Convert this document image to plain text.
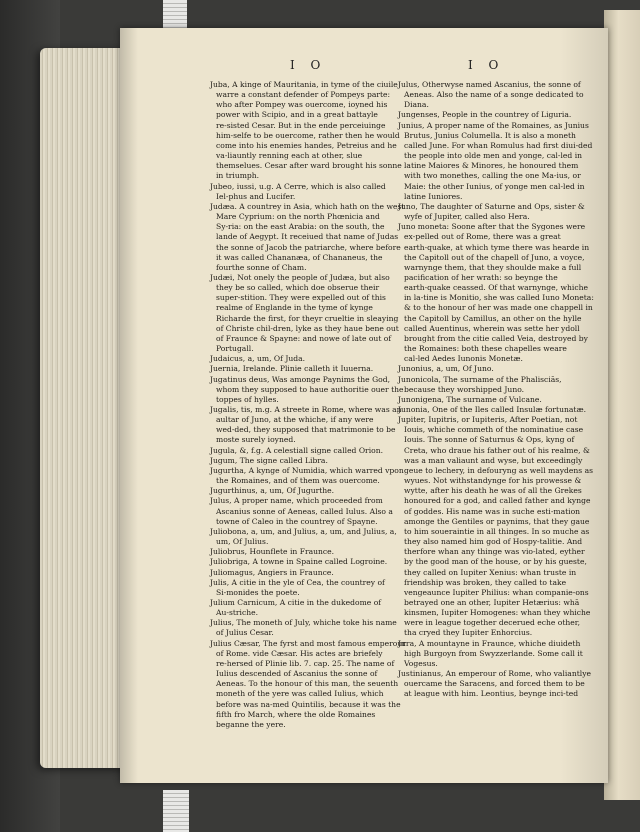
I O	I O

Juba, A kinge of Mauritania, in tyme of the ciuile warre a constant defender of Pompeys parte: who after Pompey was ouercome, ioyned his power with Scipio, and in a great battayle re‑sisted Cesar. But in the ende perceiuinge him‑selfe to be ouercome, rather then he would come into his enemies handes, Petreius and he va‑liauntly renning each at other, slue themselues. Cesar after ward brought his sonne in triumph.

Jubeo, iussi, u.g. A Cerre, which is also called Iel‑phus and Lucifer.

Judæa. A countrey in Asia, which hath on the west Mare Cyprium: on the north Phœnicia and Sy‑ria: on the east Arabia: on the south, the lande of Aegypt. It receiued that name of Judas the sonne of Jacob the patriarche, where before it was called Chananæa, of Chananeus, the fourthe sonne of Cham.

Judæi, Not onely the people of Judæa, but also they be so called, which doe obserue their super‑stition. They were expelled out of this realme of Englande in the tyme of kynge Richarde the first, for theyr crueltie in sleaying of Christe chil‑dren, lyke as they haue bene out of Fraunce & Spayne: and nowe of late out of Portugall.

Judaicus, a, um, Of Juda.

Juernia, Irelande. Plinie calleth it Iuuerna.

Jugatinus deus, Was amonge Paynims the God, whom they supposed to haue authoritie ouer the toppes of hylles.

Jugalis, tis, m.g. A streete in Rome, where was an aultar of Juno, at the whiche, if any were wed‑ded, they supposed that matrimonie to be moste surely ioyned.

Jugula, &, f.g. A celestiall signe called Orion.

Jugum, The signe called Libra.

Jugurtha, A kynge of Numidia, which warred vpon the Romaines, and of them was ouercome.

Jugurthinus, a, um, Of Jugurthe.

Julus, A proper name, which proceeded from Ascanius sonne of Aeneas, called Iulus. Also a towne of Caleo in the countrey of Spayne.

Juliobona, a, um, and Julius, a, um, and Julius, a, um, Of Julius.

Juliobrus, Hounflete in Fraunce.

Juliobriga, A towne in Spaine called Logroine.

Juliomagus, Angiers in Fraunce.

Julis, A citie in the yle of Cea, the countrey of Si‑monides the poete.

Julium Carnicum, A citie in the dukedome of Au‑striche.

Julius, The moneth of July, whiche toke his name of Julius Cesar.

Julius Cæsar, The fyrst and most famous emperour of Rome. vide Cæsar. His actes are briefely re‑hersed of Plinie lib. 7. cap. 25. The name of Iulius descended of Ascanius the sonne of Aeneas. To the honour of this man, the seuenth moneth of the yere was called Iulius, which before was na‑med Quintilis, because it was the fifth fro March, where the olde Romaines beganne the yere.

Julus, Otherwyse named Ascanius, the sonne of Aeneas. Also the name of a songe dedicated to Diana.

Jungenses, People in the countrey of Liguria.

Junius, A proper name of the Romaines, as Junius Brutus, Junius Columella. It is also a moneth called June. For whan Romulus had first diui‑ded the people into olde men and yonge, cal‑led in latine Maiores & Minores, he honoured them with two monethes, calling the one Ma‑ius, or Maie: the other Iunius, of yonge men cal‑led in latine Iuniores.

Juno, The daughter of Saturne and Ops, sister & wyfe of Jupiter, called also Hera.

Juno moneta: Soone after that the Sygones were ex‑pelled out of Rome, there was a great earth‑quake, at which tyme there was hearde in the Capitoll out of the chapell of Juno, a voyce, warnynge them, that they shoulde make a full pacification of her wrath: so beynge the earth‑quake ceassed. Of that warnynge, whiche in la‑tine is Monitio, she was called Iuno Moneta: & to the honour of her was made one chappell in the Capitoll by Camillus, an other on the hylle called Auentinus, wherein was sette her ydoll brought from the citie called Veia, destroyed by the Romaines: both these chapelles weare cal‑led Aedes Iunonis Monetæ.

Junonius, a, um, Of Juno.

Junonicola, The surname of the Phalisciās, because they worshipped Juno.

Junonigena, The surname of Vulcane.

Junonia, One of the Iles called Insulæ fortunatæ.

Jupiter, Iupitris, or Iupiteris, After Poetian, not Iouis, whiche commeth of the nominatiue case Iouis. The sonne of Saturnus & Ops, kyng of Creta, who draue his father out of his realme, & was a man valiaunt and wyse, but exceedingly geue to lechery, in defouryng as well maydens as wyues. Not withstandynge for his prowesse & wytte, after his death he was of all the Grekes honoured for a god, and called father and kynge of goddes. His name was in suche esti‑mation amonge the Gentiles or paynims, that they gaue to him soueraintie in all thinges. In so muche as they also named him god of Hospy‑talitie. And therfore whan any thinge was vio‑lated, eyther by the good man of the house, or by his gueste, they called on Iupiter Xenius: whan truste in friendship was broken, they called to take vengeaunce Iupiter Philius: whan companie‑ons betrayed one an other, Iupiter Hetærius: whā kinsmen, Iupiter Homogenes: whan they whiche were in league together decerued eche other, tha cryed they Iupiter Enhorcius.

Jura, A mountayne in Fraunce, whiche diuideth high Burgoyn from Swyzzerlande. Some call it Vogesus.

Justinianus, An emperour of Rome, who valiantlye ouercame the Saracens, and forced them to be at league with him. Leontius, beynge inci‑ted
